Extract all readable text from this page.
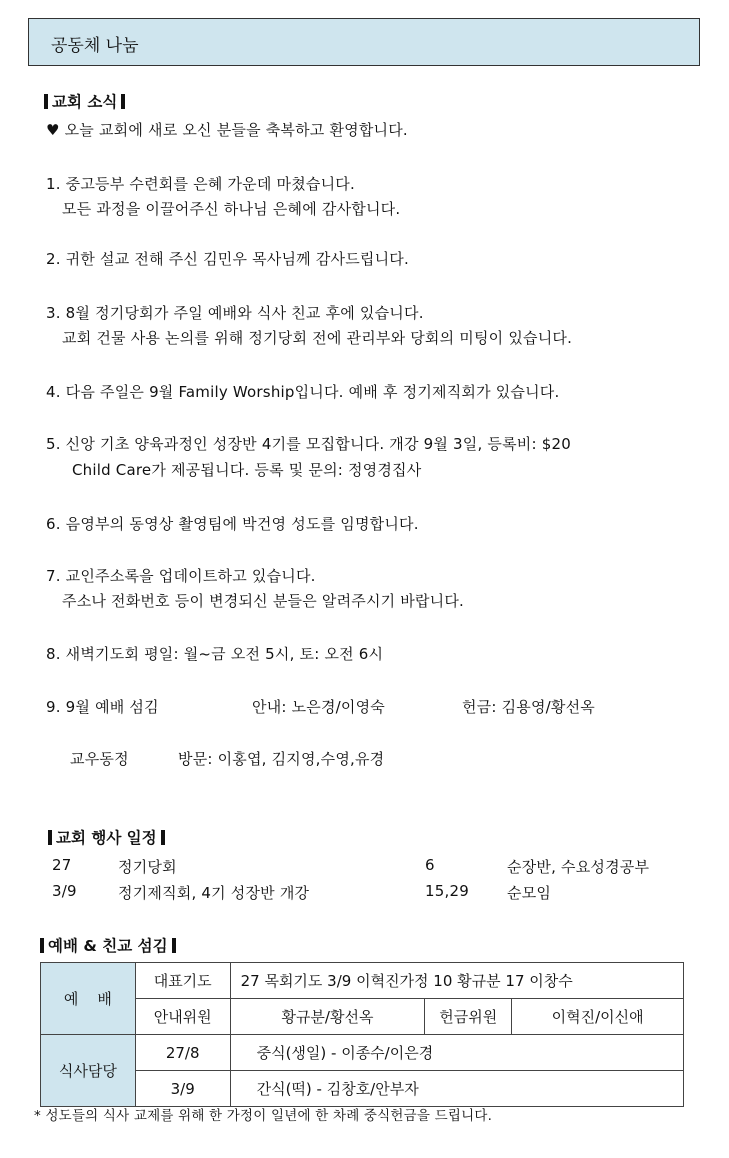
공동체 나눔
교회 소식
♥ 오늘 교회에 새로 오신 분들을 축복하고 환영합니다.
1. 중고등부 수련회를 은혜 가운데 마쳤습니다.
모든 과정을 이끌어주신 하나님 은혜에 감사합니다.
2. 귀한 설교 전해 주신 김민우 목사님께 감사드립니다.
3. 8월 정기당회가 주일 예배와 식사 친교 후에 있습니다.
교회 건물 사용 논의를 위해 정기당회 전에 관리부와 당회의 미팅이 있습니다.
4. 다음 주일은 9월 Family Worship입니다. 예배 후 정기제직회가 있습니다.
5. 신앙 기초 양육과정인 성장반 4기를 모집합니다. 개강 9월 3일, 등록비: $20
Child Care가 제공됩니다. 등록 및 문의: 정영경집사
6. 음영부의 동영상 촬영팀에 박건영 성도를 임명합니다.
7. 교인주소록을 업데이트하고 있습니다.
주소나 전화번호 등이 변경되신 분들은 알려주시기 바랍니다.
8. 새벽기도회 평일: 월~금 오전 5시, 토: 오전 6시
9. 9월 예배 섬김	안내: 노은경/이영숙	헌금: 김용영/황선옥
교우동정	방문: 이홍엽, 김지영,수영,유경
교회 행사 일정
27	정기당회	6	순장반, 수요성경공부
3/9	정기제직회, 4기 성장반 개강	15,29	순모임
예배 & 친교 섬김
예    배	대표기도	27 목회기도 3/9 이혁진가정 10 황규분 17 이창수		
	안내위원	황규분/황선옥	헌금위원	이혁진/이신애
식사담당	27/8	중식(생일) - 이종수/이은경		
	3/9	간식(떡) - 김창호/안부자		
* 성도들의 식사 교제를 위해 한 가정이 일년에 한 차례 중식헌금을 드립니다.
